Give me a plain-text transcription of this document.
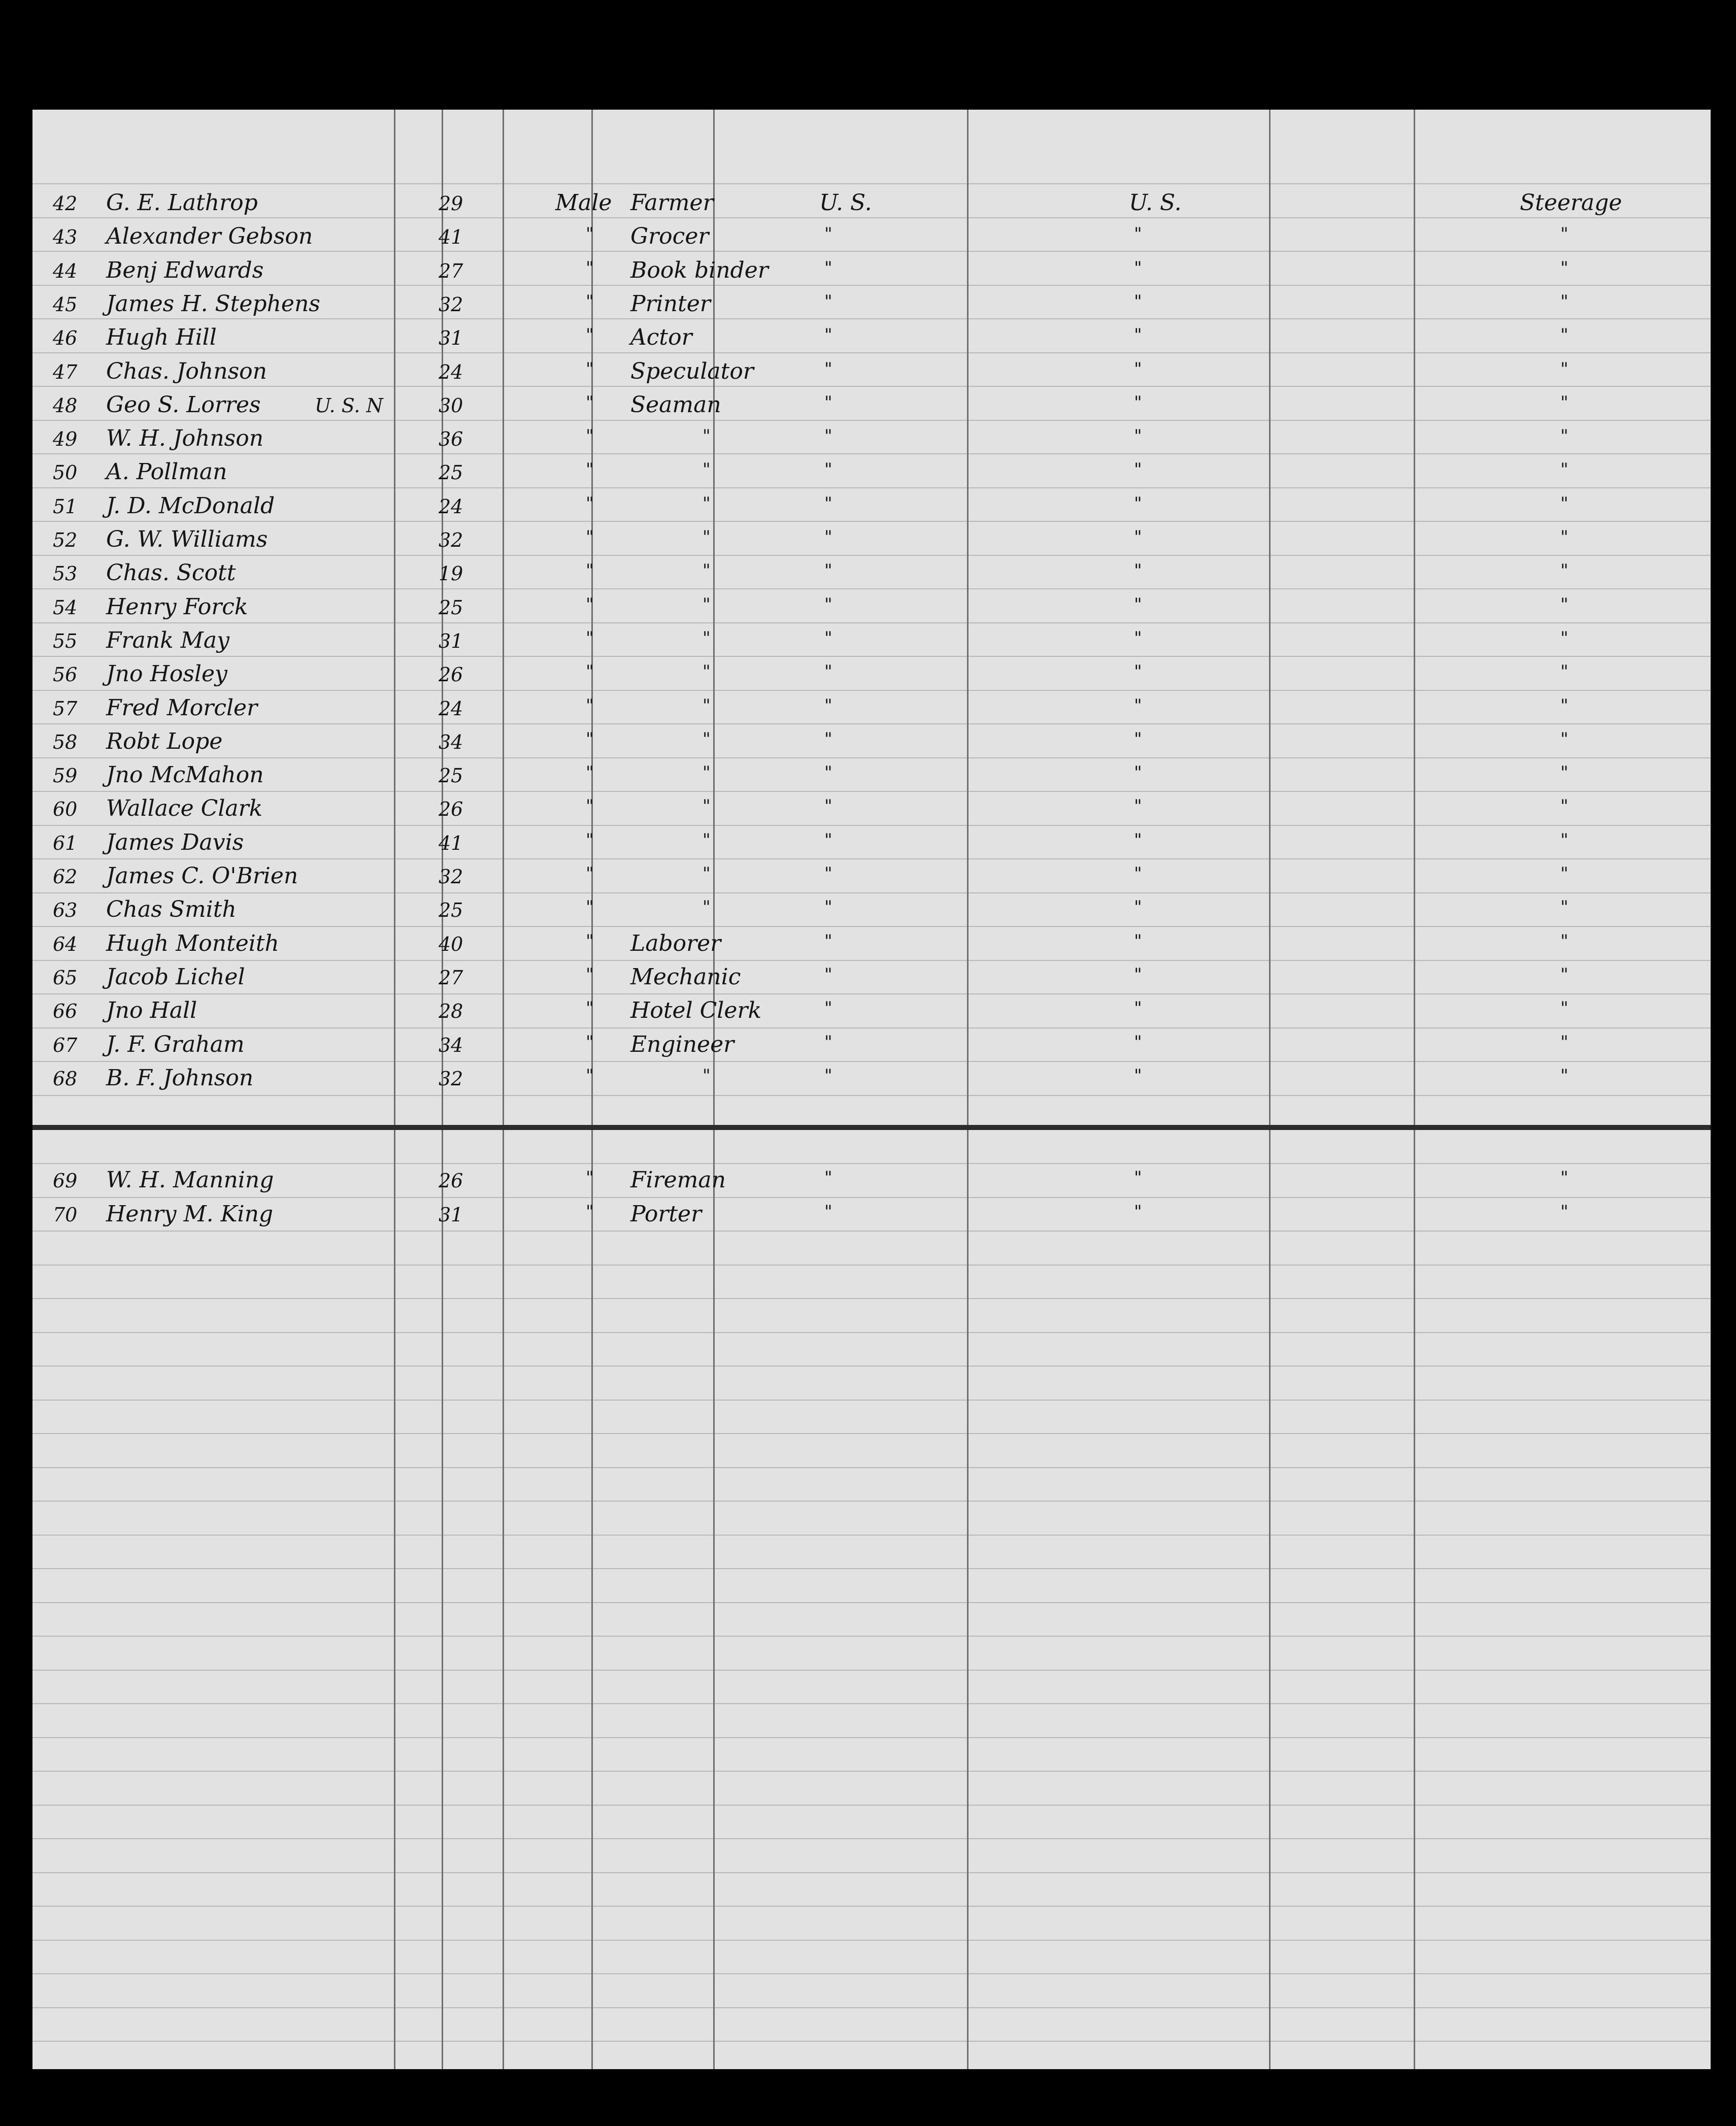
42 G. E. Lathrop	29	Male Farmer	U. S.	U. S.	Steerage
43 Alexander Gebson	41	" Grocer	"	"	"
44 Benj Edwards	27	" Book binder	"	"	"
45 James H. Stephens	32	" Printer	"	"	"
46 Hugh Hill	31	" Actor	"	"	"
47 Chas. Johnson	24	" Speculator	"	"	"
48 Geo S. Lorres	U. S. N	30	" Seaman	"	"	"
49 W. H. Johnson	36	"	"	"	"	"
50 A. Pollman	25	"	"	"	"	"
51 J. D. McDonald	24	"	"	"	"	"
52 G. W. Williams	32	"	"	"	"	"
53 Chas. Scott	19	"	"	"	"	"
54 Henry Forck	25	"	"	"	"	"
55 Frank May	31	"	"	"	"	"
56 Jno Hosley	26	"	"	"	"	"
57 Fred Morcler	24	"	"	"	"	"
58 Robt Lope	34	"	"	"	"	"
59 Jno McMahon	25	"	"	"	"	"
60 Wallace Clark	26	"	"	"	"	"
61 James Davis	41	"	"	"	"	"
62 James C. O'Brien	32	"	"	"	"	"
63 Chas Smith	25	"	"	"	"	"
64 Hugh Monteith	40	" Laborer	"	"	"
65 Jacob Lichel	27	" Mechanic	"	"	"
66 Jno Hall	28	" Hotel Clerk	"	"	"
67 J. F. Graham	34	" Engineer	"	"	"
68 B. F. Johnson	32	"	"	"	"	"
69 W. H. Manning	26	" Fireman	"	"	"
70 Henry M. King	31	" Porter	"	"	"
